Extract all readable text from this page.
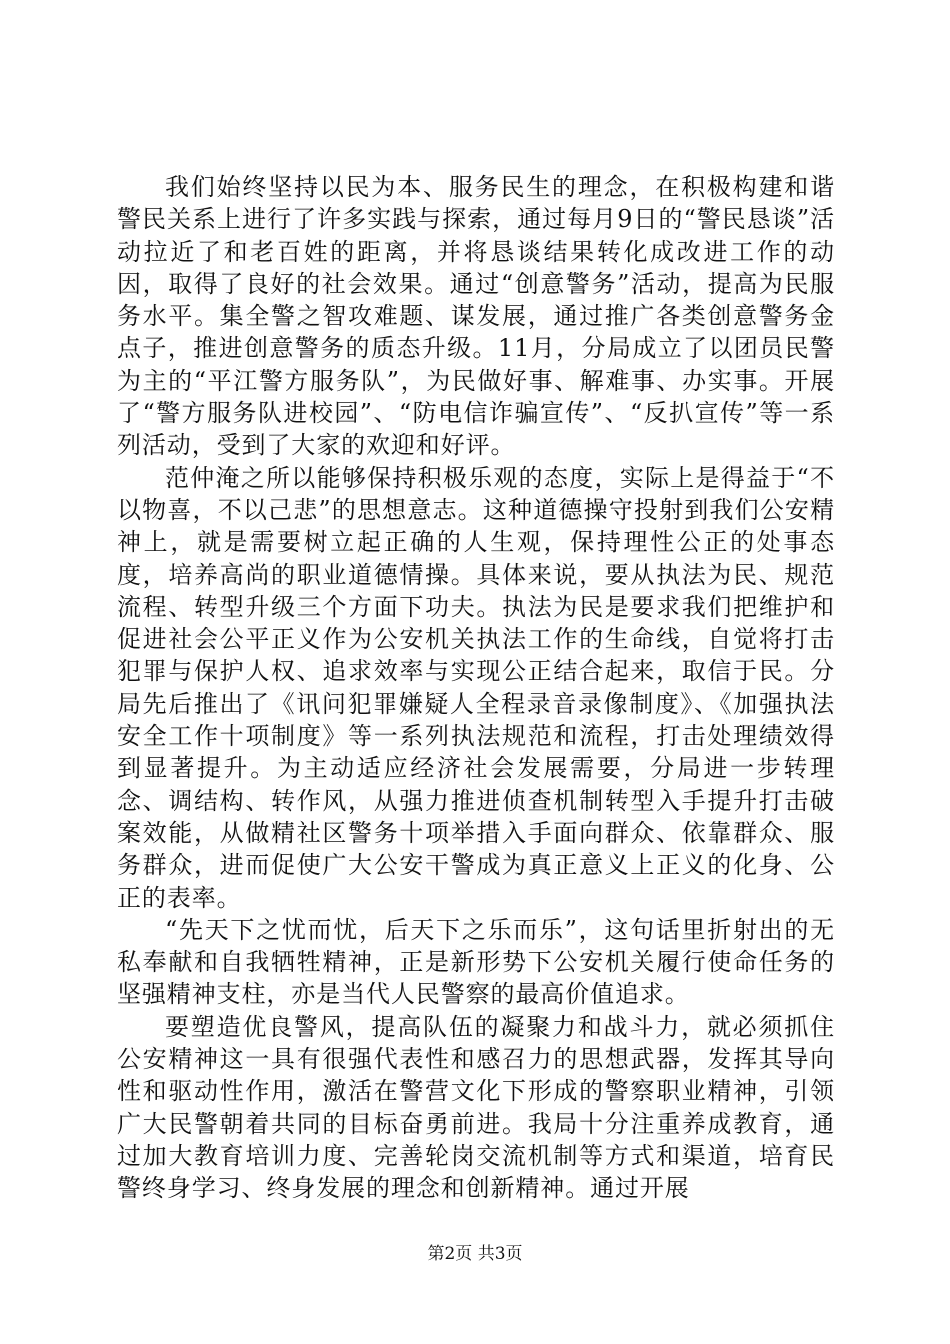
我们始终坚持以民为本、服务民生的理念，在积极构建和谐警民关系上进行了许多实践与探索，通过每月9日的“警民恳谈”活动拉近了和老百姓的距离，并将恳谈结果转化成改进工作的动因，取得了良好的社会效果。通过“创意警务”活动，提高为民服务水平。集全警之智攻难题、谋发展，通过推广各类创意警务金点子，推进创意警务的质态升级。11月，分局成立了以团员民警为主的“平江警方服务队”，为民做好事、解难事、办实事。开展了“警方服务队进校园”、“防电信诈骗宣传”、“反扒宣传”等一系列活动，受到了大家的欢迎和好评。

范仲淹之所以能够保持积极乐观的态度，实际上是得益于“不以物喜，不以己悲”的思想意志。这种道德操守投射到我们公安精神上，就是需要树立起正确的人生观，保持理性公正的处事态度，培养高尚的职业道德情操。具体来说，要从执法为民、规范流程、转型升级三个方面下功夫。执法为民是要求我们把维护和促进社会公平正义作为公安机关执法工作的生命线，自觉将打击犯罪与保护人权、追求效率与实现公正结合起来，取信于民。分局先后推出了《讯问犯罪嫌疑人全程录音录像制度》、《加强执法安全工作十项制度》等一系列执法规范和流程，打击处理绩效得到显著提升。为主动适应经济社会发展需要，分局进一步转理念、调结构、转作风，从强力推进侦查机制转型入手提升打击破案效能，从做精社区警务十项举措入手面向群众、依靠群众、服务群众，进而促使广大公安干警成为真正意义上正义的化身、公正的表率。

“先天下之忧而忧，后天下之乐而乐”，这句话里折射出的无私奉献和自我牺牲精神，正是新形势下公安机关履行使命任务的坚强精神支柱，亦是当代人民警察的最高价值追求。

要塑造优良警风，提高队伍的凝聚力和战斗力，就必须抓住公安精神这一具有很强代表性和感召力的思想武器，发挥其导向性和驱动性作用，激活在警营文化下形成的警察职业精神，引领广大民警朝着共同的目标奋勇前进。我局十分注重养成教育，通过加大教育培训力度、完善轮岗交流机制等方式和渠道，培育民警终身学习、终身发展的理念和创新精神。通过开展

第2页 共3页
